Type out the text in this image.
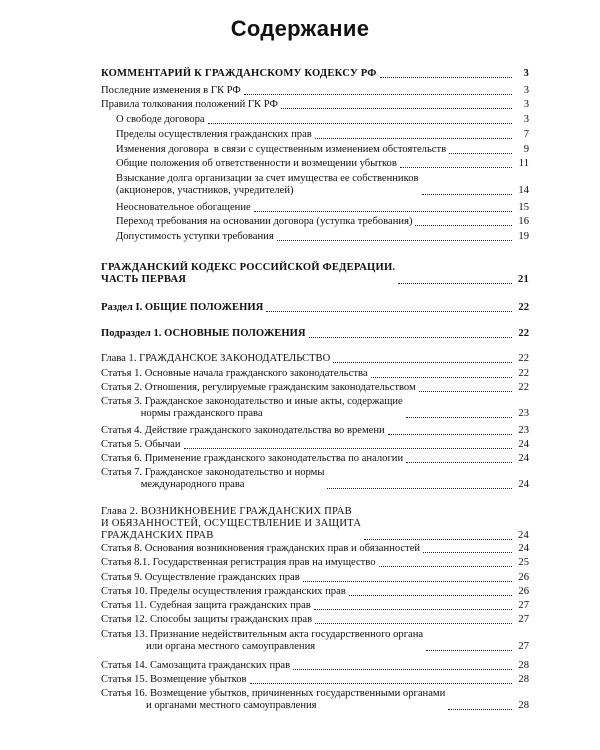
Содержание
КОММЕНТАРИЙ К ГРАЖДАНСКОМУ КОДЕКСУ РФ	3
Последние изменения в ГК РФ	3
Правила толкования положений ГК РФ	3
О свободе договора	3
Пределы осуществления гражданских прав	7
Изменения договора  в связи с существенным изменением обстоятельств	9
Общие положения об ответственности и возмещении убытков	11
Взыскание долга организации за счет имущества ее собственников
(акционеров, участников, учредителей)	14
Неосновательное обогащение	15
Переход требования на основании договора (уступка требования)	16
Допустимость уступки требования	19
ГРАЖДАНСКИЙ КОДЕКС РОССИЙСКОЙ ФЕДЕРАЦИИ.
ЧАСТЬ ПЕРВАЯ	21
Раздел I. ОБЩИЕ ПОЛОЖЕНИЯ	22
Подраздел 1. ОСНОВНЫЕ ПОЛОЖЕНИЯ	22
Глава 1. ГРАЖДАНСКОЕ ЗАКОНОДАТЕЛЬСТВО	22
Статья 1. Основные начала гражданского законодательства	22
Статья 2. Отношения, регулируемые гражданским законодательством	22
Статья 3. Гражданское законодательство и иные акты, содержащие
нормы гражданского права	23
Статья 4. Действие гражданского законодательства во времени	23
Статья 5. Обычаи	24
Статья 6. Применение гражданского законодательства по аналогии	24
Статья 7. Гражданское законодательство и нормы
международного права	24
Глава 2. ВОЗНИКНОВЕНИЕ ГРАЖДАНСКИХ ПРАВ
И ОБЯЗАННОСТЕЙ, ОСУЩЕСТВЛЕНИЕ И ЗАЩИТА
ГРАЖДАНСКИХ ПРАВ	24
Статья 8. Основания возникновения гражданских прав и обязанностей	24
Статья 8.1. Государственная регистрация прав на имущество	25
Статья 9. Осуществление гражданских прав	26
Статья 10. Пределы осуществления гражданских прав	26
Статья 11. Судебная защита гражданских прав	27
Статья 12. Способы защиты гражданских прав	27
Статья 13. Признание недействительным акта государственного органа
или органа местного самоуправления	27
Статья 14. Самозащита гражданских прав	28
Статья 15. Возмещение убытков	28
Статья 16. Возмещение убытков, причиненных государственными органами
и органами местного самоуправления	28
